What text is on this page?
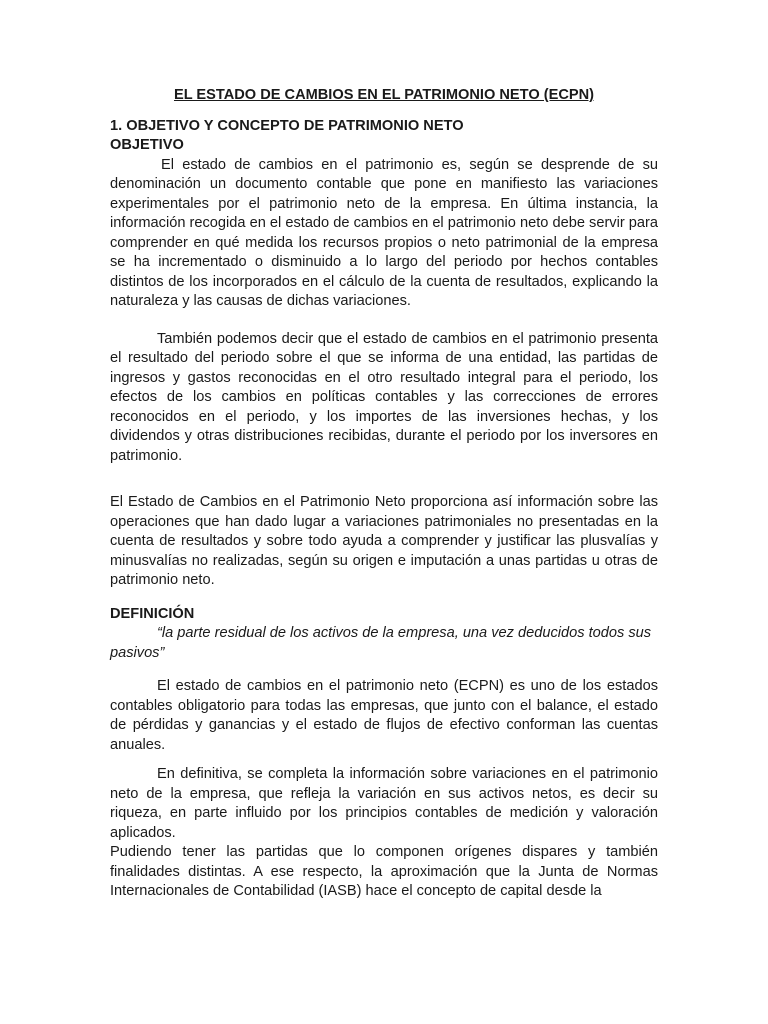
EL ESTADO DE CAMBIOS EN EL PATRIMONIO NETO (ECPN)

1. OBJETIVO Y CONCEPTO DE PATRIMONIO NETO

OBJETIVO

El estado de cambios en el patrimonio es, según se desprende de su denominación un documento contable que pone en manifiesto las variaciones experimentales por el patrimonio neto de la empresa. En última instancia, la información recogida en el estado de cambios en el patrimonio neto debe servir para comprender en qué medida los recursos propios o neto patrimonial de la empresa se ha incrementado o disminuido a lo largo del periodo por hechos contables distintos de los incorporados en el cálculo de la cuenta de resultados, explicando la naturaleza y las causas de dichas variaciones.

También podemos decir que el estado de cambios en el patrimonio presenta el resultado del periodo sobre el que se informa de una entidad, las partidas de ingresos y gastos reconocidas en el otro resultado integral para el periodo, los efectos de los cambios en políticas contables y las correcciones de errores reconocidos en el periodo, y los importes de las inversiones hechas, y los dividendos y otras distribuciones recibidas, durante el periodo por los inversores en patrimonio.

El Estado de Cambios en el Patrimonio Neto proporciona así información sobre las operaciones que han dado lugar a variaciones patrimoniales no presentadas en la cuenta de resultados y sobre todo ayuda a comprender y justificar las plusvalías y minusvalías no realizadas, según su origen e imputación a unas partidas u otras de patrimonio neto.

DEFINICIÓN

“la parte residual de los activos de la empresa, una vez deducidos todos sus pasivos”

El estado de cambios en el patrimonio neto (ECPN) es uno de los estados contables obligatorio para todas las empresas, que junto con el balance, el estado de pérdidas y ganancias y el estado de flujos de efectivo conforman las cuentas anuales.

En definitiva, se completa la información sobre variaciones en el patrimonio neto de la empresa, que refleja la variación en sus activos netos, es decir su riqueza, en parte influido por los principios contables de medición y valoración aplicados.

Pudiendo tener las partidas que lo componen orígenes dispares y también finalidades distintas. A ese respecto, la aproximación que la Junta de Normas Internacionales de Contabilidad (IASB) hace el concepto de capital desde la
